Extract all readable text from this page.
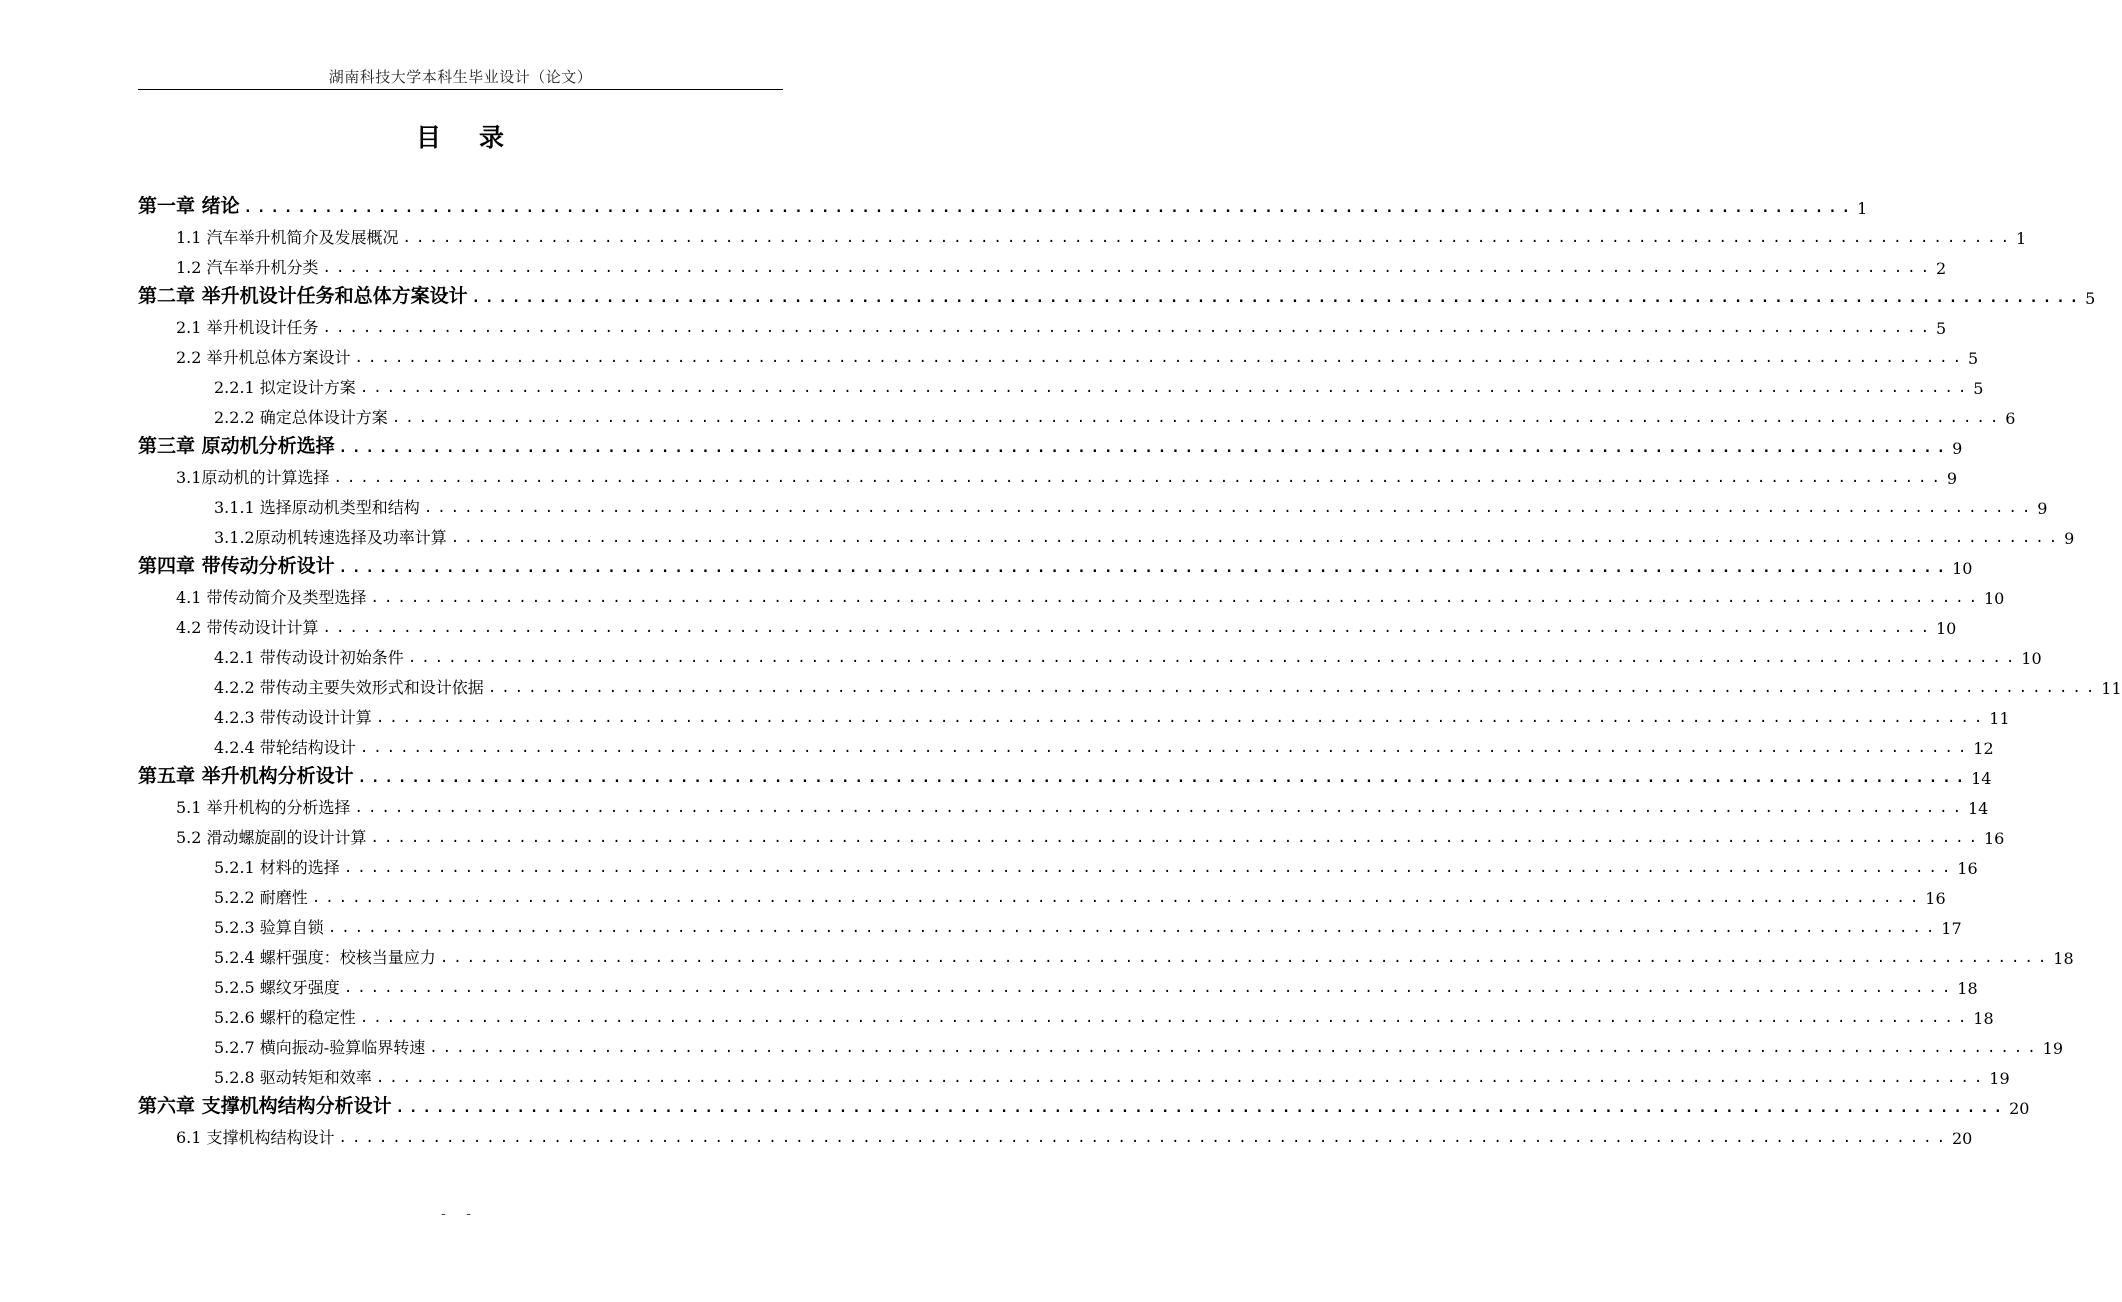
湖南科技大学本科生毕业设计（论文）
目录
第一章 绪论 ........................................................................................................................ 1
1.1 汽车举升机简介及发展概况 ........................................................................................................................ 1
1.2 汽车举升机分类 ........................................................................................................................ 2
第二章 举升机设计任务和总体方案设计 ........................................................................................................................ 5
2.1 举升机设计任务 ........................................................................................................................ 5
2.2 举升机总体方案设计 ........................................................................................................................ 5
2.2.1 拟定设计方案 ........................................................................................................................ 5
2.2.2 确定总体设计方案 ........................................................................................................................ 6
第三章 原动机分析选择 ........................................................................................................................ 9
3.1原动机的计算选择 ........................................................................................................................ 9
3.1.1 选择原动机类型和结构 ........................................................................................................................ 9
3.1.2原动机转速选择及功率计算 ........................................................................................................................ 9
第四章 带传动分析设计 ........................................................................................................................ 10
4.1 带传动简介及类型选择 ........................................................................................................................ 10
4.2 带传动设计计算 ........................................................................................................................ 10
4.2.1 带传动设计初始条件 ........................................................................................................................ 10
4.2.2 带传动主要失效形式和设计依据 ........................................................................................................................ 11
4.2.3 带传动设计计算 ........................................................................................................................ 11
4.2.4 带轮结构设计 ........................................................................................................................ 12
第五章 举升机构分析设计 ........................................................................................................................ 14
5.1 举升机构的分析选择 ........................................................................................................................ 14
5.2 滑动螺旋副的设计计算 ........................................................................................................................ 16
5.2.1 材料的选择 ........................................................................................................................ 16
5.2.2 耐磨性 ........................................................................................................................ 16
5.2.3 验算自锁 ........................................................................................................................ 17
5.2.4 螺杆强度：校核当量应力 ........................................................................................................................ 18
5.2.5 螺纹牙强度 ........................................................................................................................ 18
5.2.6 螺杆的稳定性 ........................................................................................................................ 18
5.2.7 横向振动-验算临界转速 ........................................................................................................................ 19
5.2.8 驱动转矩和效率 ........................................................................................................................ 19
第六章 支撑机构结构分析设计 ........................................................................................................................ 20
6.1 支撑机构结构设计 ........................................................................................................................ 20
- -
